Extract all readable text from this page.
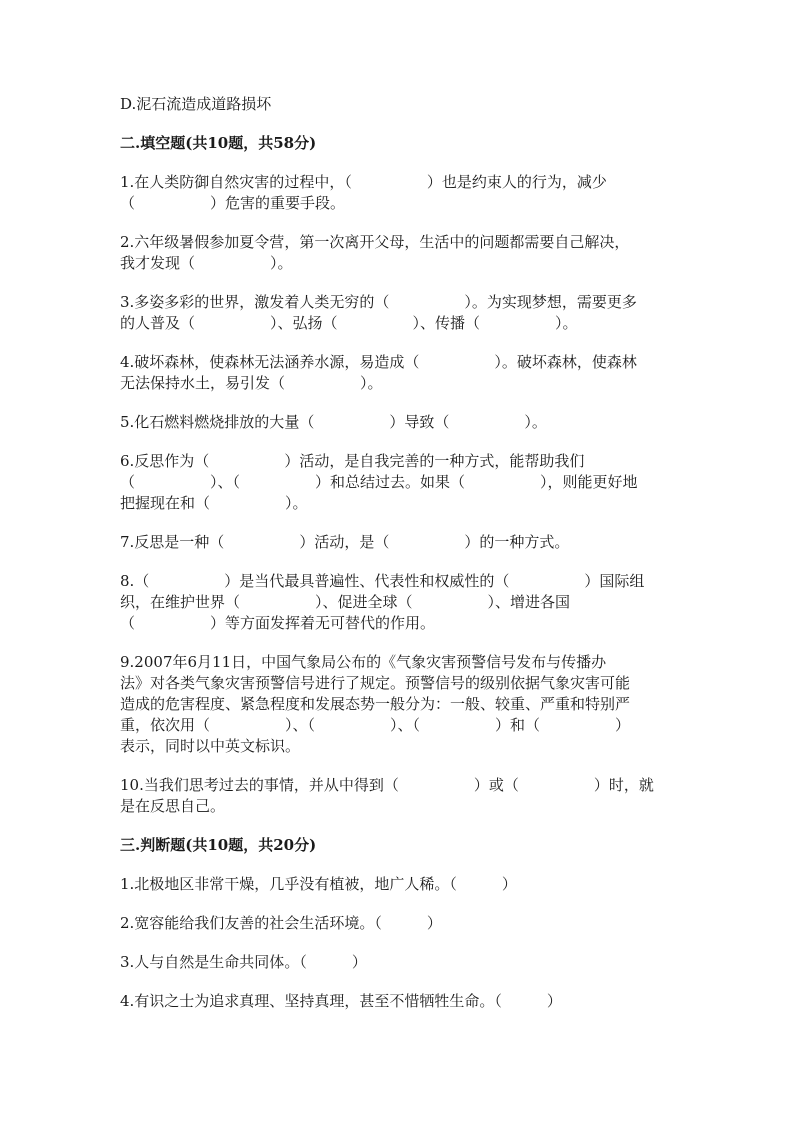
D.泥石流造成道路损坏
二.填空题(共10题，共58分)
1.在人类防御自然灾害的过程中，（　　　　　）也是约束人的行为，减少
（　　　　　）危害的重要手段。
2.六年级暑假参加夏令营，第一次离开父母，生活中的问题都需要自己解决，
我才发现（　　　　　）。
3.多姿多彩的世界，激发着人类无穷的（　　　　　）。为实现梦想，需要更多
的人普及（　　　　　）、弘扬（　　　　　）、传播（　　　　　）。
4.破坏森林，使森林无法涵养水源，易造成（　　　　　）。破坏森林，使森林
无法保持水土，易引发（　　　　　）。
5.化石燃料燃烧排放的大量（　　　　　）导致（　　　　　）。
6.反思作为（　　　　　）活动，是自我完善的一种方式，能帮助我们
（　　　　　）、（　　　　　）和总结过去。如果（　　　　　），则能更好地
把握现在和（　　　　　）。
7.反思是一种（　　　　　）活动，是（　　　　　）的一种方式。
8.（　　　　　）是当代最具普遍性、代表性和权威性的（　　　　　）国际组
织，在维护世界（　　　　　）、促进全球（　　　　　）、增进各国
（　　　　　）等方面发挥着无可替代的作用。
9.2007年6月11日，中国气象局公布的《气象灾害预警信号发布与传播办
法》对各类气象灾害预警信号进行了规定。预警信号的级别依据气象灾害可能
造成的危害程度、紧急程度和发展态势一般分为：一般、较重、严重和特别严
重，依次用（　　　　　）、（　　　　　）、（　　　　　）和（　　　　　）
表示，同时以中英文标识。
10.当我们思考过去的事情，并从中得到（　　　　　）或（　　　　　）时，就
是在反思自己。
三.判断题(共10题，共20分)
1.北极地区非常干燥，几乎没有植被，地广人稀。（　　　）
2.宽容能给我们友善的社会生活环境。（　　　）
3.人与自然是生命共同体。（　　　）
4.有识之士为追求真理、坚持真理，甚至不惜牺牲生命。（　　　）
